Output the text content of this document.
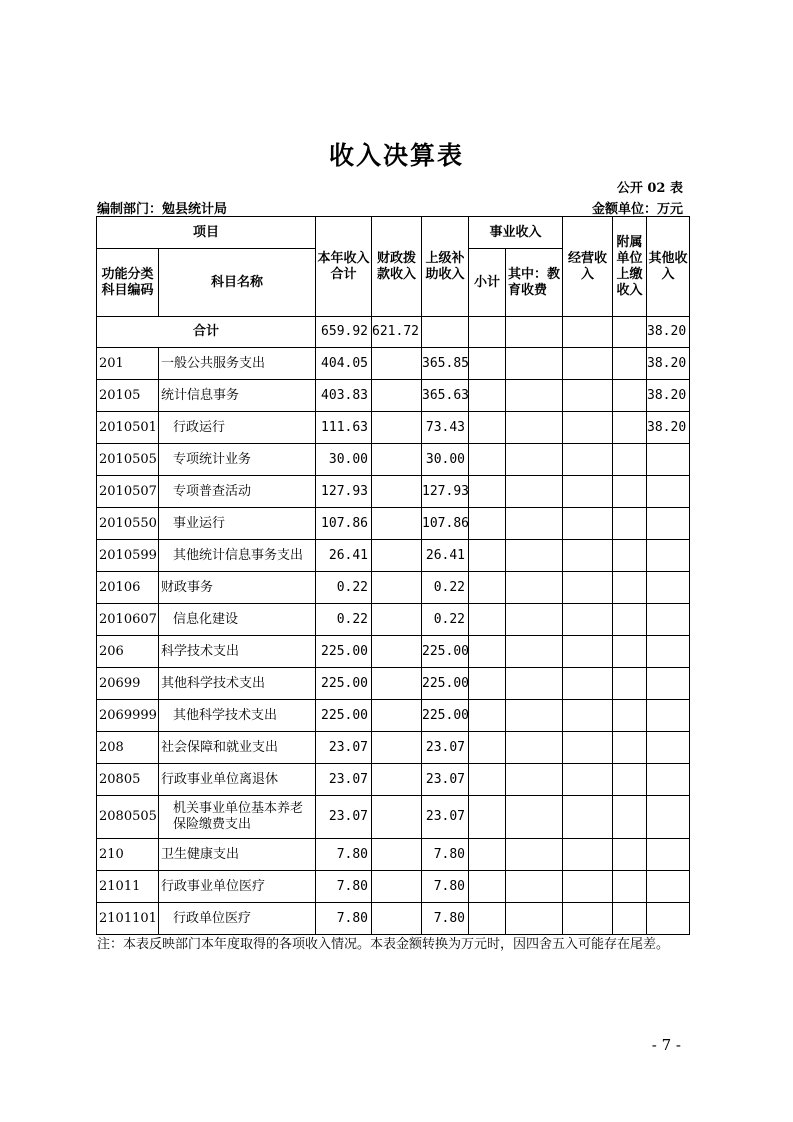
收入决算表
公开 02 表
编制部门：勉县统计局	金额单位：万元
项目		本年收入合计	财政拨款收入	上级补助收入	事业收入		经营收入	附属单位上缴收入	其他收入
功能分类科目编码	科目名称				小计	其中：教育收费			
合计		659.92	621.72						38.20
201	一般公共服务支出	404.05		365.85					38.20
20105	统计信息事务	403.83		365.63					38.20
2010501	行政运行	111.63		73.43					38.20
2010505	专项统计业务	30.00		30.00					
2010507	专项普查活动	127.93		127.93					
2010550	事业运行	107.86		107.86					
2010599	其他统计信息事务支出	26.41		26.41					
20106	财政事务	0.22		0.22					
2010607	信息化建设	0.22		0.22					
206	科学技术支出	225.00		225.00					
20699	其他科学技术支出	225.00		225.00					
2069999	其他科学技术支出	225.00		225.00					
208	社会保障和就业支出	23.07		23.07					
20805	行政事业单位离退休	23.07		23.07					
2080505	机关事业单位基本养老保险缴费支出	23.07		23.07					
210	卫生健康支出	7.80		7.80					
21011	行政事业单位医疗	7.80		7.80					
2101101	行政单位医疗	7.80		7.80					
注：本表反映部门本年度取得的各项收入情况。本表金额转换为万元时，因四舍五入可能存在尾差。
- 7 -
